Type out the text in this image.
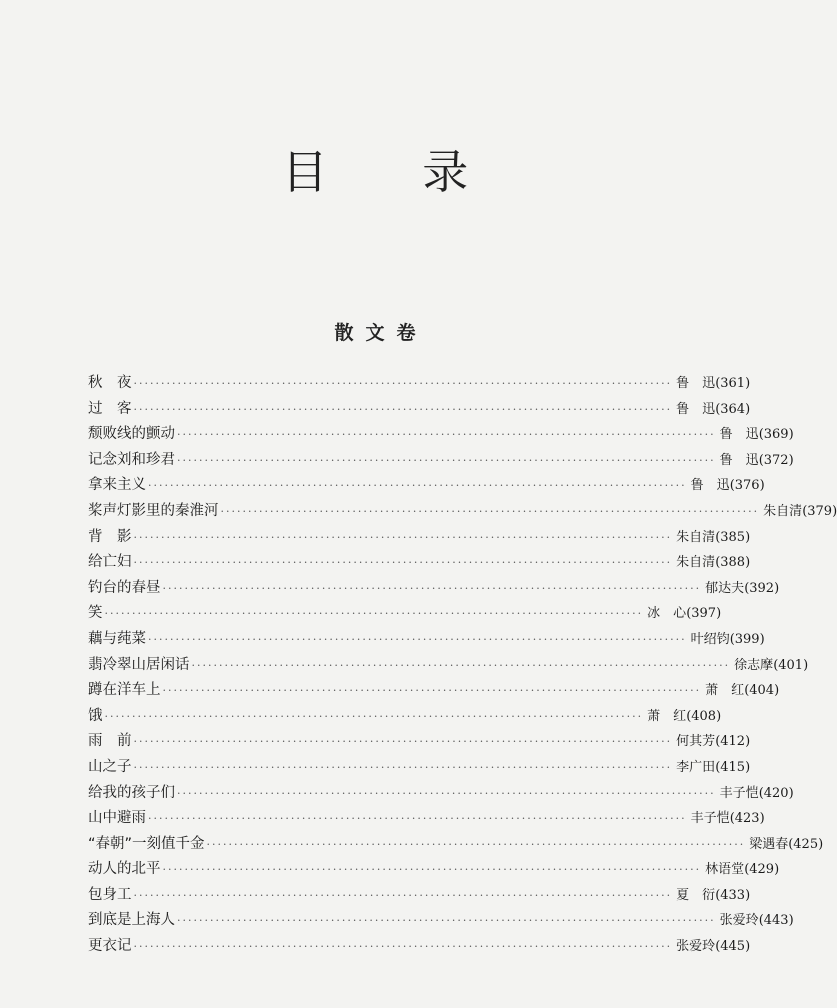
目 录
散文卷
秋　夜 ·································································································· 鲁　迅 (361)
过　客 ·································································································· 鲁　迅 (364)
颓败线的颤动 ·································································································· 鲁　迅 (369)
记念刘和珍君 ·································································································· 鲁　迅 (372)
拿来主义 ·································································································· 鲁　迅 (376)
桨声灯影里的秦淮河 ·································································································· 朱自清 (379)
背　影 ·································································································· 朱自清 (385)
给亡妇 ·································································································· 朱自清 (388)
钓台的春昼 ·································································································· 郁达夫 (392)
笑 ·································································································· 冰　心 (397)
藕与莼菜 ·································································································· 叶绍钧 (399)
翡冷翠山居闲话 ·································································································· 徐志摩 (401)
蹲在洋车上 ·································································································· 萧　红 (404)
饿 ·································································································· 萧　红 (408)
雨　前 ·································································································· 何其芳 (412)
山之子 ·································································································· 李广田 (415)
给我的孩子们 ·································································································· 丰子恺 (420)
山中避雨 ·································································································· 丰子恺 (423)
“春朝”一刻值千金 ·································································································· 梁遇春 (425)
动人的北平 ·································································································· 林语堂 (429)
包身工 ·································································································· 夏　衍 (433)
到底是上海人 ·································································································· 张爱玲 (443)
更衣记 ·································································································· 张爱玲 (445)
